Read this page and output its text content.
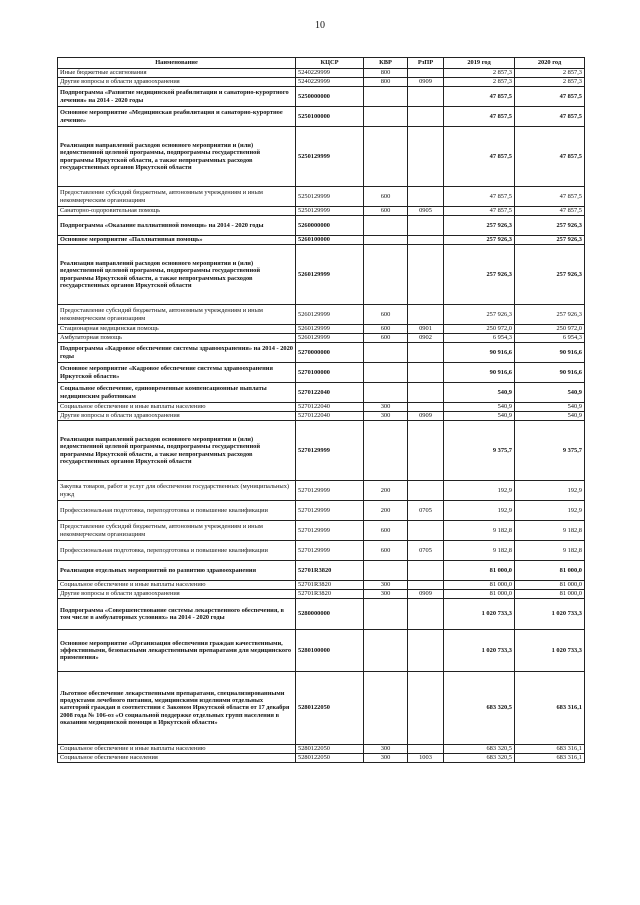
10
Наименование	КЦСР	КВР	РзПР	2019 год	2020 год
Иные бюджетные ассигнования	5240229999	800		2 857,3	2 857,3
Другие вопросы в области здравоохранения	5240229999	800	0909	2 857,3	2 857,3
Подпрограмма «Развитие медицинской реабилитации и санаторно-курортного лечения» на 2014 - 2020 годы	5250000000			47 857,5	47 857,5
Основное мероприятие «Медицинская реабилитация и санаторно-курортное лечение»	5250100000			47 857,5	47 857,5
Реализация направлений расходов основного мероприятия и (или) ведомственной целевой программы, подпрограммы государственной программы Иркутской области, а также непрограммных расходов государственных органов Иркутской области	5250129999			47 857,5	47 857,5
Предоставление субсидий бюджетным, автономным учреждениям и иным некоммерческим организациям	5250129999	600		47 857,5	47 857,5
Санаторно-оздоровительная помощь	5250129999	600	0905	47 857,5	47 857,5
Подпрограмма «Оказание паллиативной помощи» на 2014 - 2020 годы	5260000000			257 926,3	257 926,3
Основное мероприятие «Паллиативная помощь»	5260100000			257 926,3	257 926,3
Реализация направлений расходов основного мероприятия и (или) ведомственной целевой программы, подпрограммы государственной программы Иркутской области, а также непрограммных расходов государственных органов Иркутской области	5260129999			257 926,3	257 926,3
Предоставление субсидий бюджетным, автономным учреждениям и иным некоммерческим организациям	5260129999	600		257 926,3	257 926,3
Стационарная медицинская помощь	5260129999	600	0901	250 972,0	250 972,0
Амбулаторная помощь	5260129999	600	0902	6 954,3	6 954,3
Подпрограмма «Кадровое обеспечение системы здравоохранения» на 2014 - 2020 годы	5270000000			90 916,6	90 916,6
Основное мероприятие «Кадровое обеспечение системы здравоохранения Иркутской области»	5270100000			90 916,6	90 916,6
Социальное обеспечение, единовременные компенсационные выплаты медицинским работникам	5270122040			540,9	540,9
Социальное обеспечение и иные выплаты населению	5270122040	300		540,9	540,9
Другие вопросы в области здравоохранения	5270122040	300	0909	540,9	540,9
Реализация направлений расходов основного мероприятия и (или) ведомственной целевой программы, подпрограммы государственной программы Иркутской области, а также непрограммных расходов государственных органов Иркутской области	5270129999			9 375,7	9 375,7
Закупка товаров, работ и услуг для обеспечения государственных (муниципальных) нужд	5270129999	200		192,9	192,9
Профессиональная подготовка, переподготовка и повышение квалификации	5270129999	200	0705	192,9	192,9
Предоставление субсидий бюджетным, автономным учреждениям и иным некоммерческим организациям	5270129999	600		9 182,8	9 182,8
Профессиональная подготовка, переподготовка и повышение квалификации	5270129999	600	0705	9 182,8	9 182,8
Реализация отдельных мероприятий по развитию здравоохранения	52701R3820			81 000,0	81 000,0
Социальное обеспечение и иные выплаты населению	52701R3820	300		81 000,0	81 000,0
Другие вопросы в области здравоохранения	52701R3820	300	0909	81 000,0	81 000,0
Подпрограмма «Совершенствование системы лекарственного обеспечения, в том числе в амбулаторных условиях» на 2014 - 2020 годы	5280000000			1 020 733,3	1 020 733,3
Основное мероприятие «Организация обеспечения граждан качественными, эффективными, безопасными лекарственными препаратами для медицинского применения»	5280100000			1 020 733,3	1 020 733,3
Льготное обеспечение лекарственными препаратами, специализированными продуктами лечебного питания, медицинскими изделиями отдельных категорий граждан в соответствии с Законом Иркутской области от 17 декабря 2008 года № 106-оз «О социальной поддержке отдельных групп населения в оказании медицинской помощи в Иркутской области»	5280122050			683 320,5	683 316,1
Социальное обеспечение и иные выплаты населению	5280122050	300		683 320,5	683 316,1
Социальное обеспечение населения	5280122050	300	1003	683 320,5	683 316,1
